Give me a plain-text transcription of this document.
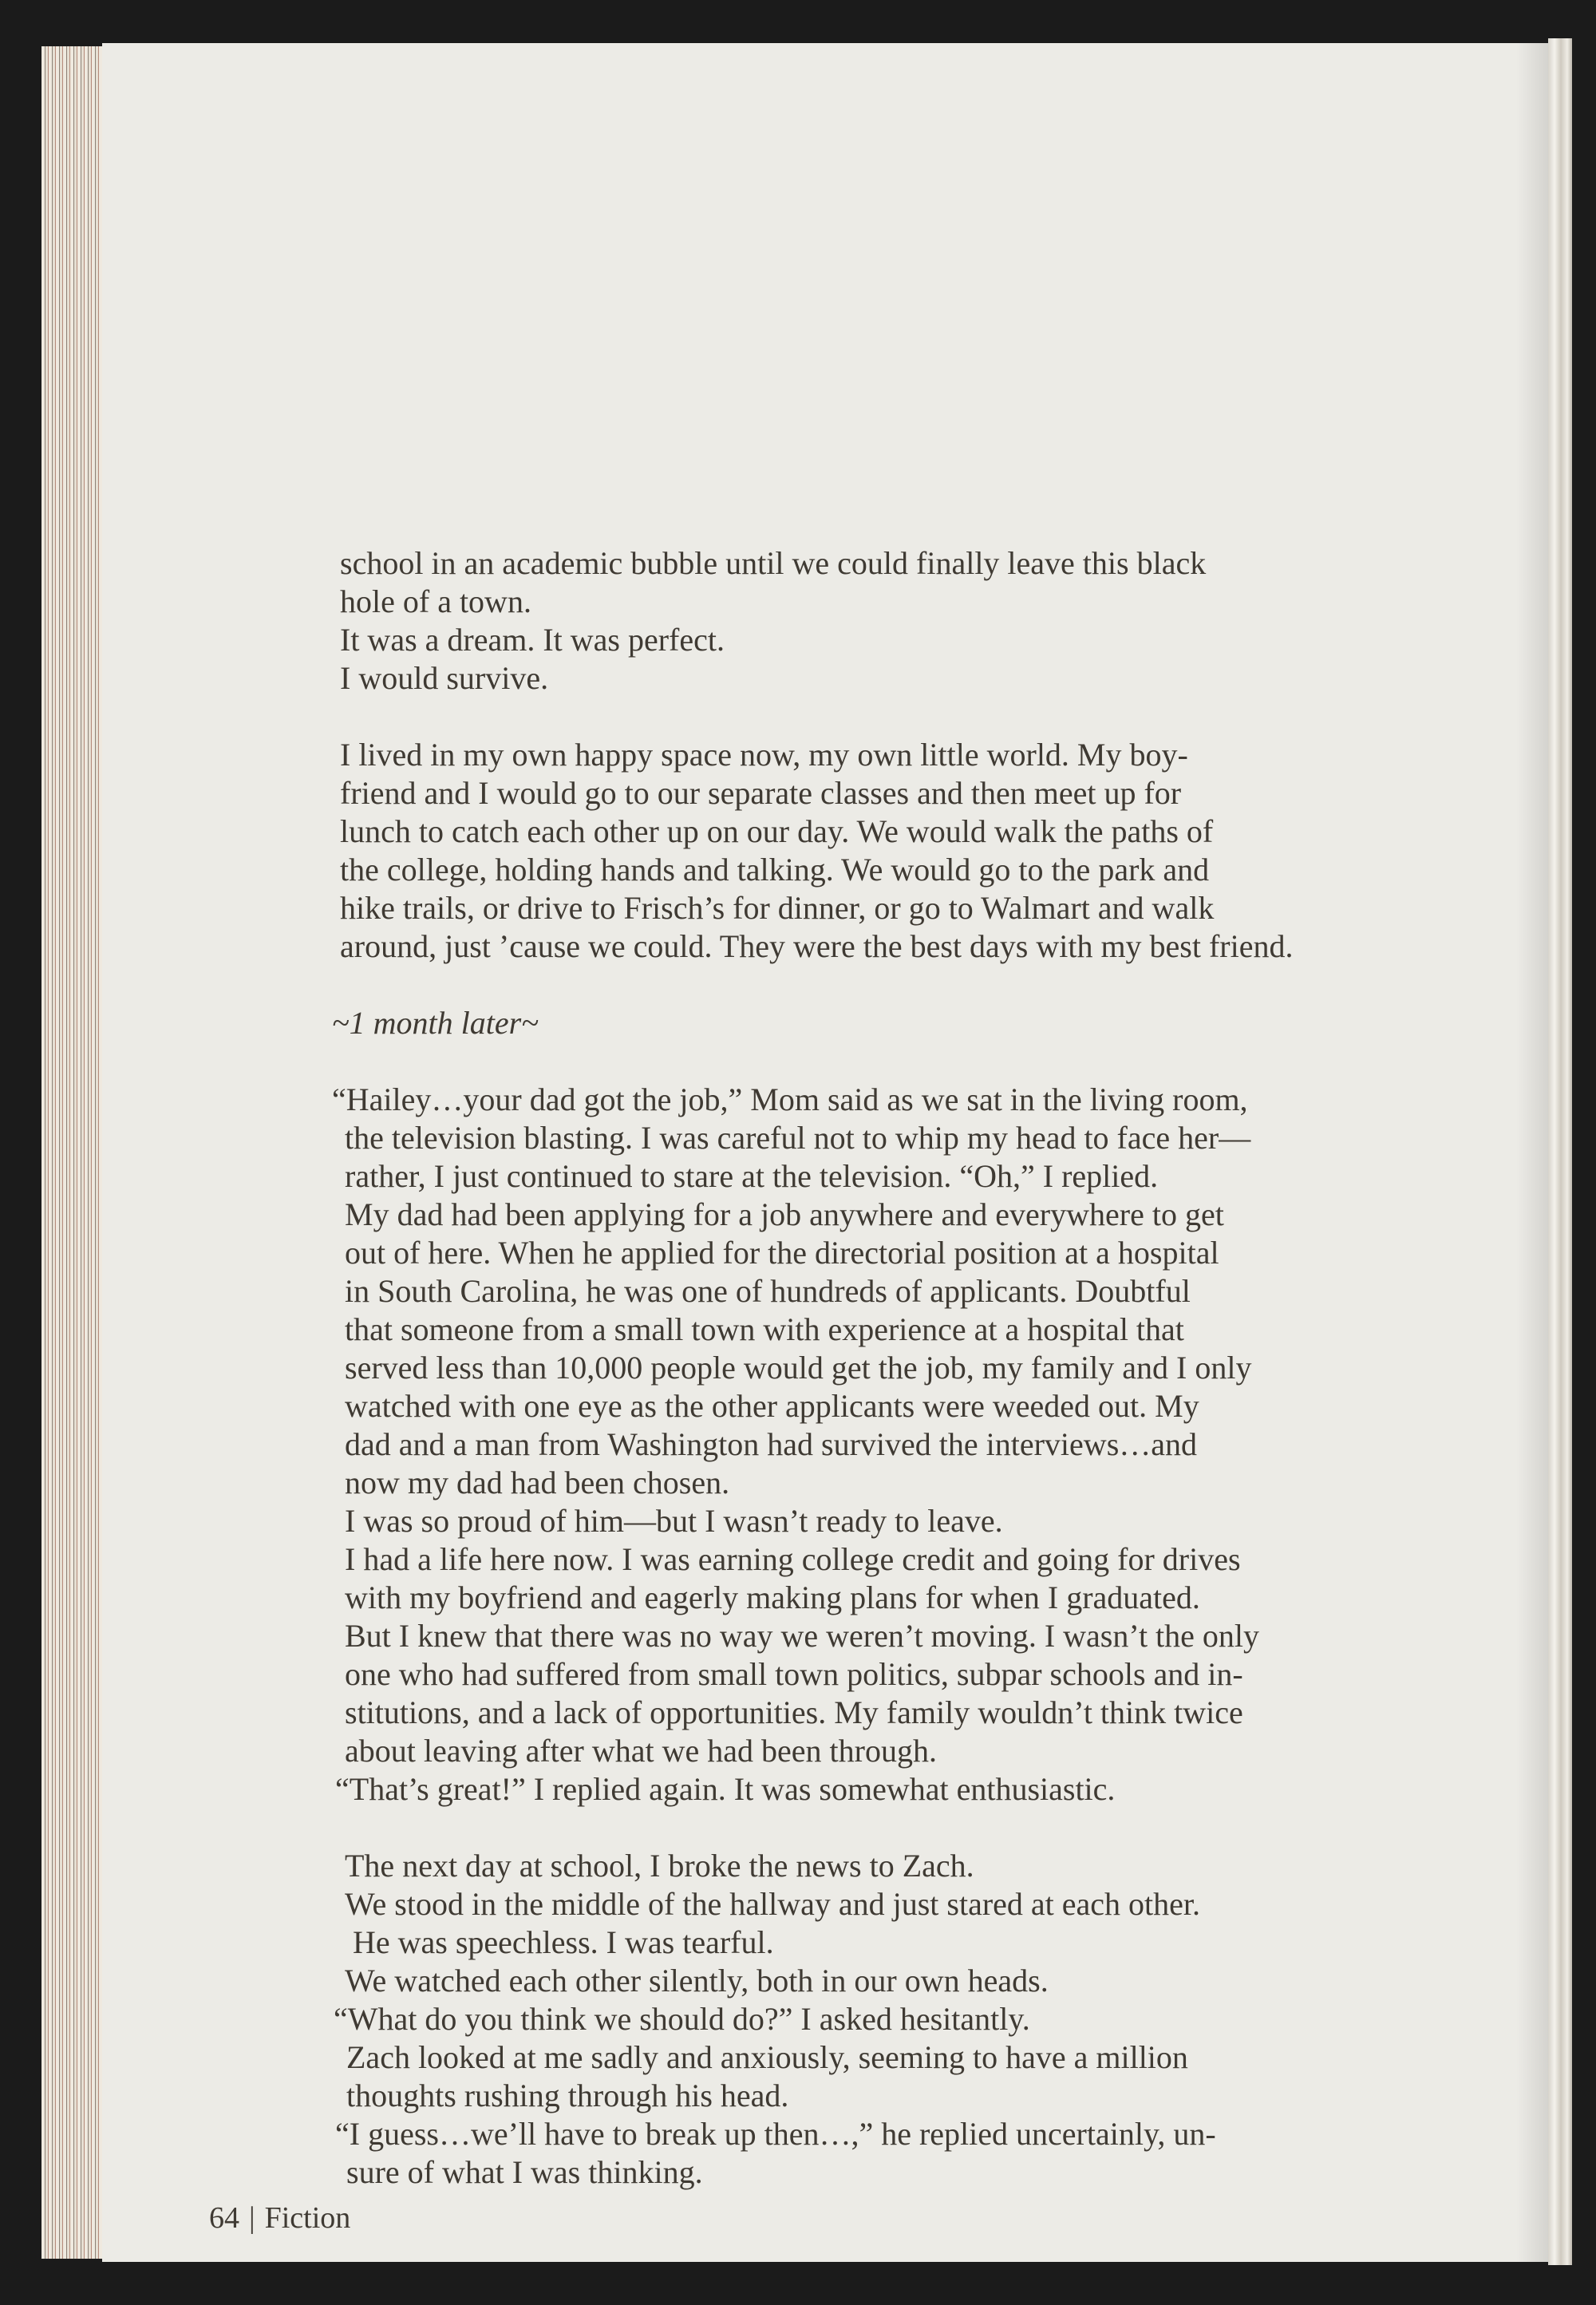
school in an academic bubble until we could finally leave this black
hole of a town.
It was a dream. It was perfect.
I would survive.
I lived in my own happy space now, my own little world. My boy-
friend and I would go to our separate classes and then meet up for
lunch to catch each other up on our day. We would walk the paths of
the college, holding hands and talking. We would go to the park and
hike trails, or drive to Frisch’s for dinner, or go to Walmart and walk
around, just ’cause we could. They were the best days with my best friend.
~1 month later~
“Hailey…your dad got the job,” Mom said as we sat in the living room,
the television blasting. I was careful not to whip my head to face her—
rather, I just continued to stare at the television. “Oh,” I replied.
My dad had been applying for a job anywhere and everywhere to get
out of here. When he applied for the directorial position at a hospital
in South Carolina, he was one of hundreds of applicants. Doubtful
that someone from a small town with experience at a hospital that
served less than 10,000 people would get the job, my family and I only
watched with one eye as the other applicants were weeded out. My
dad and a man from Washington had survived the interviews…and
now my dad had been chosen.
I was so proud of him—but I wasn’t ready to leave.
I had a life here now. I was earning college credit and going for drives
with my boyfriend and eagerly making plans for when I graduated.
But I knew that there was no way we weren’t moving. I wasn’t the only
one who had suffered from small town politics, subpar schools and in-
stitutions, and a lack of opportunities. My family wouldn’t think twice
about leaving after what we had been through.
“That’s great!” I replied again. It was somewhat enthusiastic.
The next day at school, I broke the news to Zach.
We stood in the middle of the hallway and just stared at each other.
He was speechless. I was tearful.
We watched each other silently, both in our own heads.
“What do you think we should do?” I asked hesitantly.
Zach looked at me sadly and anxiously, seeming to have a million
thoughts rushing through his head.
“I guess…we’ll have to break up then…,” he replied uncertainly, un-
sure of what I was thinking.
64 | Fiction
